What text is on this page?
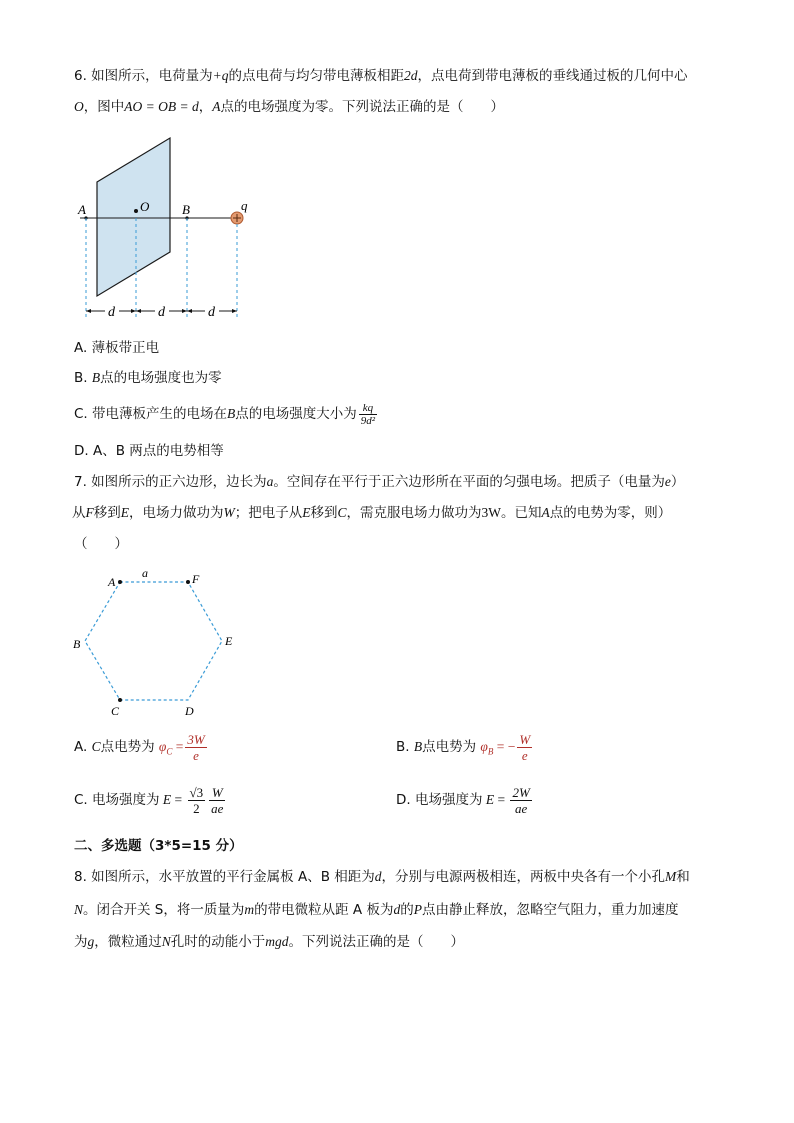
6. 如图所示，电荷量为+q的点电荷与均匀带电薄板相距2d，点电荷到带电薄板的垂线通过板的几何中心
O，图中AO = OB = d，A点的电场强度为零。下列说法正确的是（　　）
A	O	B	q
d	d	d
A. 薄板带正电
B. B点的电场强度也为零
C. 带电薄板产生的电场在B点的电场强度大小为 $\frac{kq}{\text{9d²}}$
D. A、B 两点的电势相等
7. 如图所示的正六边形，边长为a。空间存在平行于正六边形所在平面的匀强电场。把质子（电量为e）
从F移到E，电场力做功为W；把电子从E移到C，需克服电场力做功为3W。已知A点的电势为零，则）
（　　）
a
A	F
B	E
C	D
A. C点电势为 $\varphi_C = \frac{3W}{e}$	B. B点电势为 $\varphi_B$ = − $\frac{W}{e}$
C. 电场强度为 $E = \frac{√3}{2} \frac{W}{ae}$	D. 电场强度为 $E = \frac{2W}{ae}$
二、多选题（3*5=15 分）
8. 如图所示，水平放置的平行金属板 A、B 相距为d，分别与电源两极相连，两板中央各有一个小孔M和
N。闭合开关 S，将一质量为m的带电微粒从距 A 板为d的P点由静止释放，忽略空气阻力，重力加速度
为g，微粒通过N孔时的动能小于mgd。下列说法正确的是（　　）
